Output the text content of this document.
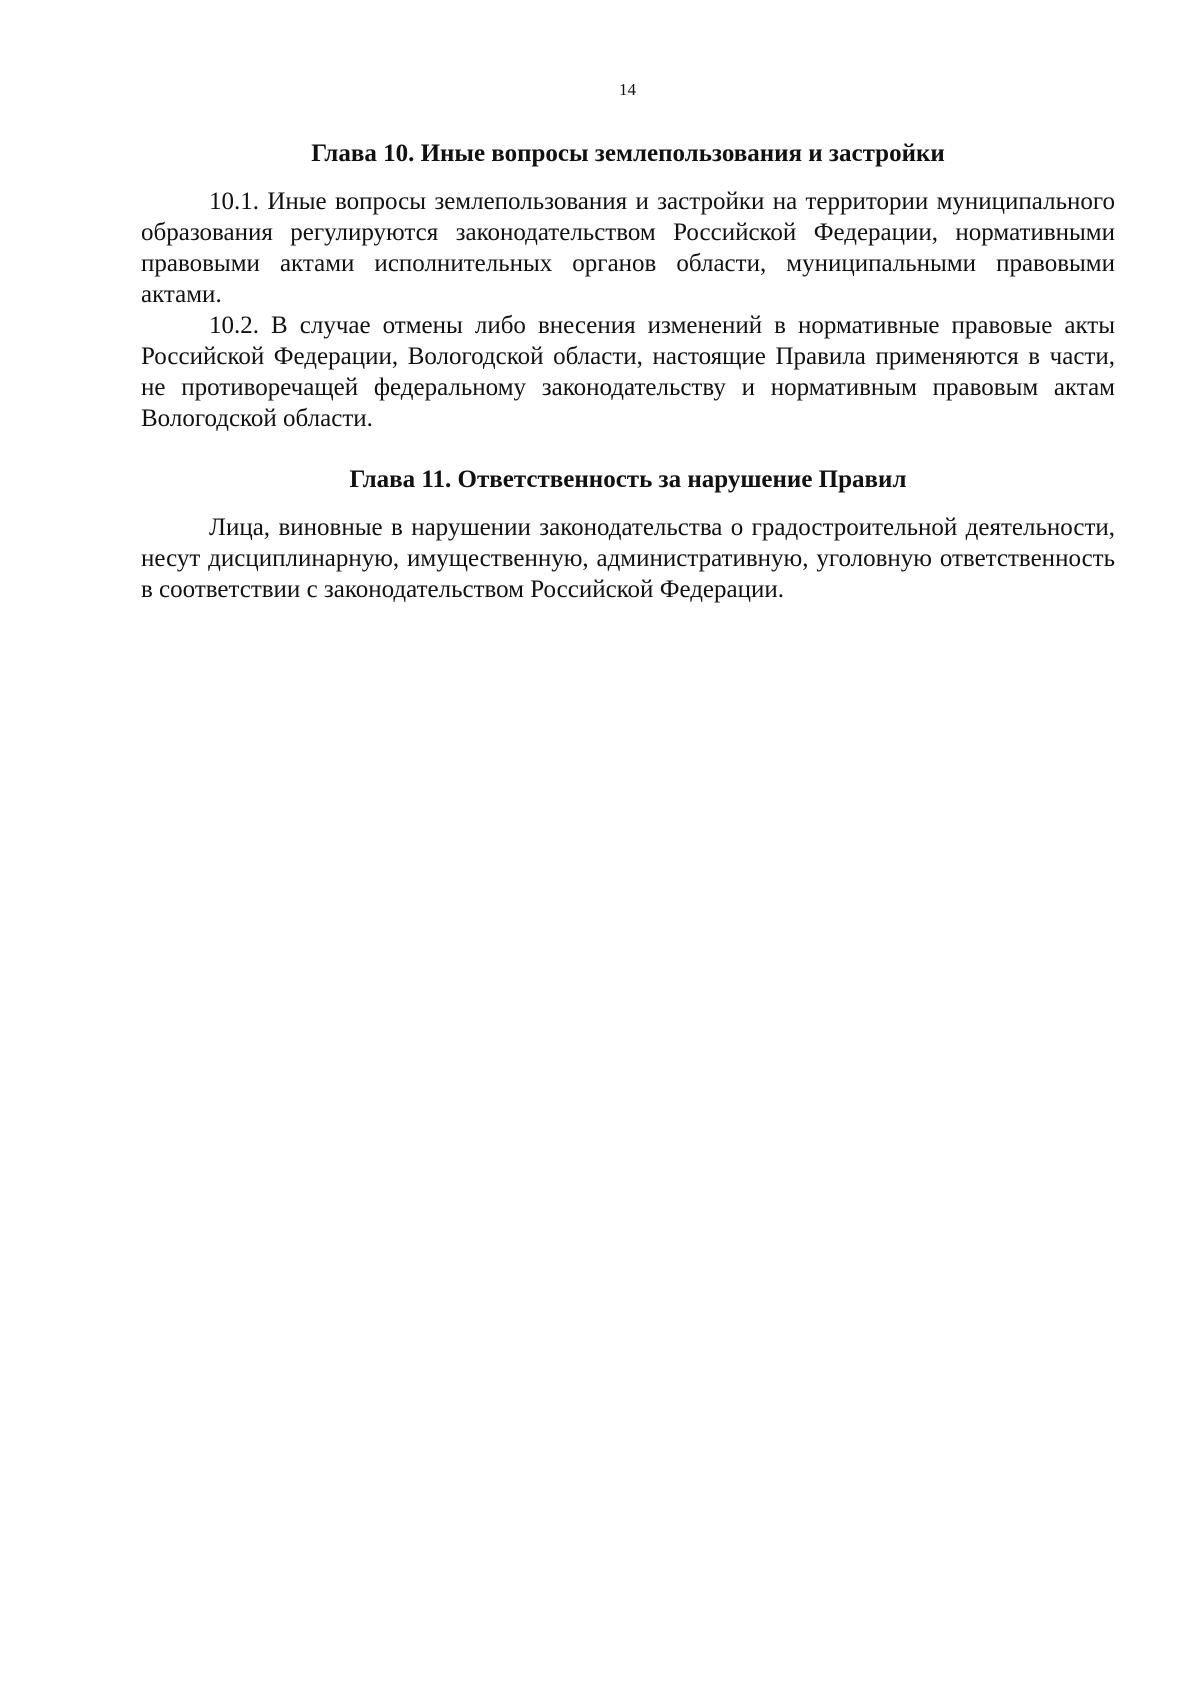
14
Глава 10. Иные вопросы землепользования и застройки

10.1. Иные вопросы землепользования и застройки на территории муниципального образования регулируются законодательством Российской Федерации, нормативными правовыми актами исполнительных органов области, муниципальными правовыми актами.

10.2. В случае отмены либо внесения изменений в нормативные правовые акты Российской Федерации, Вологодской области, настоящие Правила применяются в части, не противоречащей федеральному законодательству и нормативным правовым актам Вологодской области.

Глава 11. Ответственность за нарушение Правил

Лица, виновные в нарушении законодательства о градостроительной деятельности, несут дисциплинарную, имущественную, административную, уголовную ответственность в соответствии с законодательством Российской Федерации.
